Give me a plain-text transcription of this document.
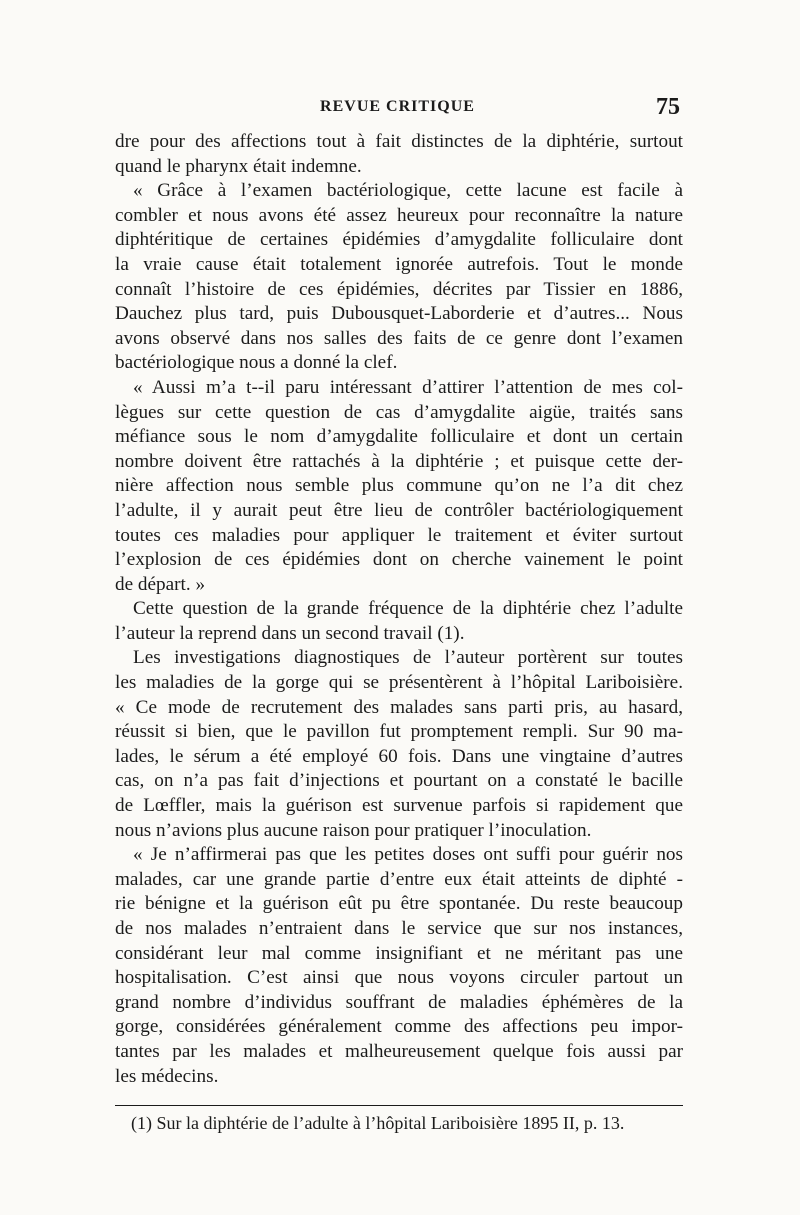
REVUE CRITIQUE	75
dre pour des affections tout à fait distinctes de la diphtérie, surtout
quand le pharynx était indemne.
« Grâce à l’examen bactériologique, cette lacune est facile à
combler et nous avons été assez heureux pour reconnaître la nature
diphtéritique de certaines épidémies d’amygdalite folliculaire dont
la vraie cause était totalement ignorée autrefois. Tout le monde
connaît l’histoire de ces épidémies, décrites par Tissier en 1886,
Dauchez plus tard, puis Dubousquet-Laborderie et d’autres... Nous
avons observé dans nos salles des faits de ce genre dont l’examen
bactériologique nous a donné la clef.
« Aussi m’a t--il paru intéressant d’attirer l’attention de mes col-
lègues sur cette question de cas d’amygdalite aigüe, traités sans
méfiance sous le nom d’amygdalite folliculaire et dont un certain
nombre doivent être rattachés à la diphtérie ; et puisque cette der-
nière affection nous semble plus commune qu’on ne l’a dit chez
l’adulte, il y aurait peut être lieu de contrôler bactériologiquement
toutes ces maladies pour appliquer le traitement et éviter surtout
l’explosion de ces épidémies dont on cherche vainement le point
de départ. »
Cette question de la grande fréquence de la diphtérie chez l’adulte
l’auteur la reprend dans un second travail (1).
Les investigations diagnostiques de l’auteur portèrent sur toutes
les maladies de la gorge qui se présentèrent à l’hôpital Lariboisière.
« Ce mode de recrutement des malades sans parti pris, au hasard,
réussit si bien, que le pavillon fut promptement rempli. Sur 90 ma-
lades, le sérum a été employé 60 fois. Dans une vingtaine d’autres
cas, on n’a pas fait d’injections et pourtant on a constaté le bacille
de Lœffler, mais la guérison est survenue parfois si rapidement que
nous n’avions plus aucune raison pour pratiquer l’inoculation.
« Je n’affirmerai pas que les petites doses ont suffi pour guérir nos
malades, car une grande partie d’entre eux était atteints de diphté -
rie bénigne et la guérison eût pu être spontanée. Du reste beaucoup
de nos malades n’entraient dans le service que sur nos instances,
considérant leur mal comme insignifiant et ne méritant pas une
hospitalisation. C’est ainsi que nous voyons circuler partout un
grand nombre d’individus souffrant de maladies éphémères de la
gorge, considérées généralement comme des affections peu impor-
tantes par les malades et malheureusement quelque fois aussi par
les médecins.
(1) Sur la diphtérie de l’adulte à l’hôpital Lariboisière 1895 II, p. 13.
